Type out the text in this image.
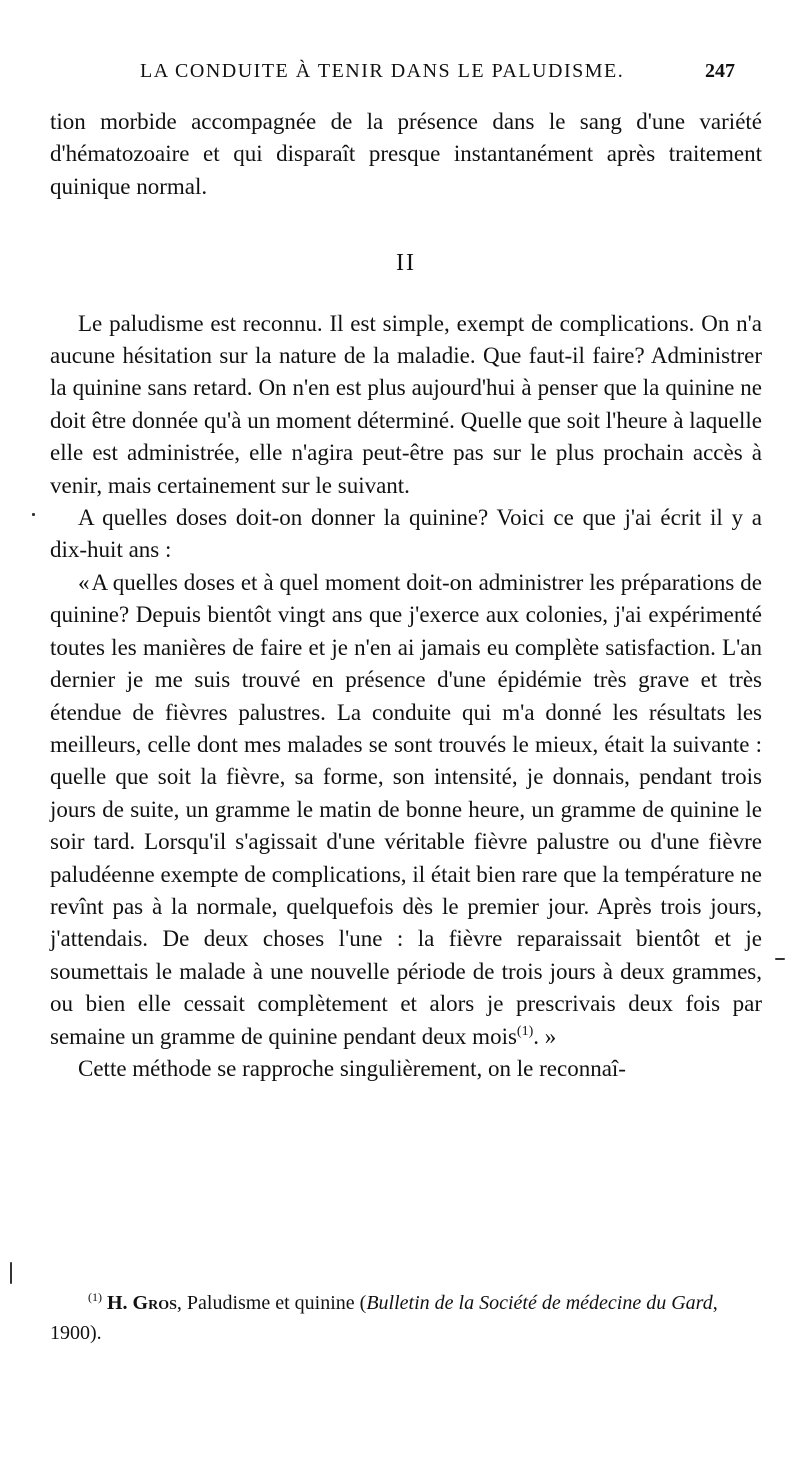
LA CONDUITE À TENIR DANS LE PALUDISME.	247

tion morbide accompagnée de la présence dans le sang d'une variété d'hématozoaire et qui disparaît presque instantanément après traitement quinique normal.

II

Le paludisme est reconnu. Il est simple, exempt de complications. On n'a aucune hésitation sur la nature de la maladie. Que faut-il faire? Administrer la quinine sans retard. On n'en est plus aujourd'hui à penser que la quinine ne doit être donnée qu'à un moment déterminé. Quelle que soit l'heure à laquelle elle est administrée, elle n'agira peut-être pas sur le plus prochain accès à venir, mais certainement sur le suivant.

A quelles doses doit-on donner la quinine? Voici ce que j'ai écrit il y a dix-huit ans :

«A quelles doses et à quel moment doit-on administrer les préparations de quinine? Depuis bientôt vingt ans que j'exerce aux colonies, j'ai expérimenté toutes les manières de faire et je n'en ai jamais eu complète satisfaction. L'an dernier je me suis trouvé en présence d'une épidémie très grave et très étendue de fièvres palustres. La conduite qui m'a donné les résultats les meilleurs, celle dont mes malades se sont trouvés le mieux, était la suivante : quelle que soit la fièvre, sa forme, son intensité, je donnais, pendant trois jours de suite, un gramme le matin de bonne heure, un gramme de quinine le soir tard. Lorsqu'il s'agissait d'une véritable fièvre palustre ou d'une fièvre paludéenne exempte de complications, il était bien rare que la température ne revînt pas à la normale, quelquefois dès le premier jour. Après trois jours, j'attendais. De deux choses l'une : la fièvre reparaissait bientôt et je soumettais le malade à une nouvelle période de trois jours à deux grammes, ou bien elle cessait complètement et alors je prescrivais deux fois par semaine un gramme de quinine pendant deux mois$^{(1)}$. »

Cette méthode se rapproche singulièrement, on le reconnaî-

$^{(1)}$ H. Gros, Paludisme et quinine (Bulletin de la Société de médecine du Gard, 1900).
